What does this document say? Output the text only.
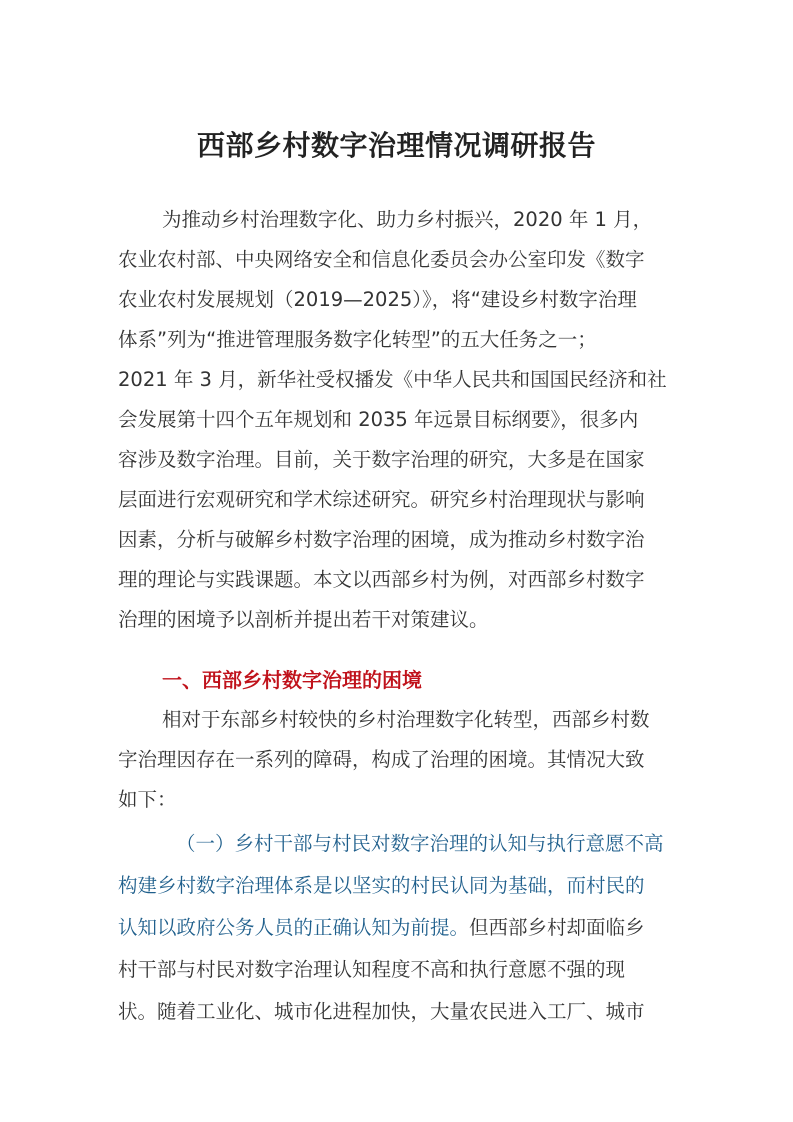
西部乡村数字治理情况调研报告
为推动乡村治理数字化、助力乡村振兴，2020 年 1 月，
农业农村部、中央网络安全和信息化委员会办公室印发《数字
农业农村发展规划（2019—2025）》，将“建设乡村数字治理
体系”列为“推进管理服务数字化转型”的五大任务之一；
2021 年 3 月，新华社受权播发《中华人民共和国国民经济和社
会发展第十四个五年规划和 2035 年远景目标纲要》，很多内
容涉及数字治理。目前，关于数字治理的研究，大多是在国家
层面进行宏观研究和学术综述研究。研究乡村治理现状与影响
因素，分析与破解乡村数字治理的困境，成为推动乡村数字治
理的理论与实践课题。本文以西部乡村为例，对西部乡村数字
治理的困境予以剖析并提出若干对策建议。
一、西部乡村数字治理的困境
相对于东部乡村较快的乡村治理数字化转型，西部乡村数
字治理因存在一系列的障碍，构成了治理的困境。其情况大致
如下：
（一）乡村干部与村民对数字治理的认知与执行意愿不高
构建乡村数字治理体系是以坚实的村民认同为基础，而村民的
认知以政府公务人员的正确认知为前提。但西部乡村却面临乡
村干部与村民对数字治理认知程度不高和执行意愿不强的现
状。随着工业化、城市化进程加快，大量农民进入工厂、城市
